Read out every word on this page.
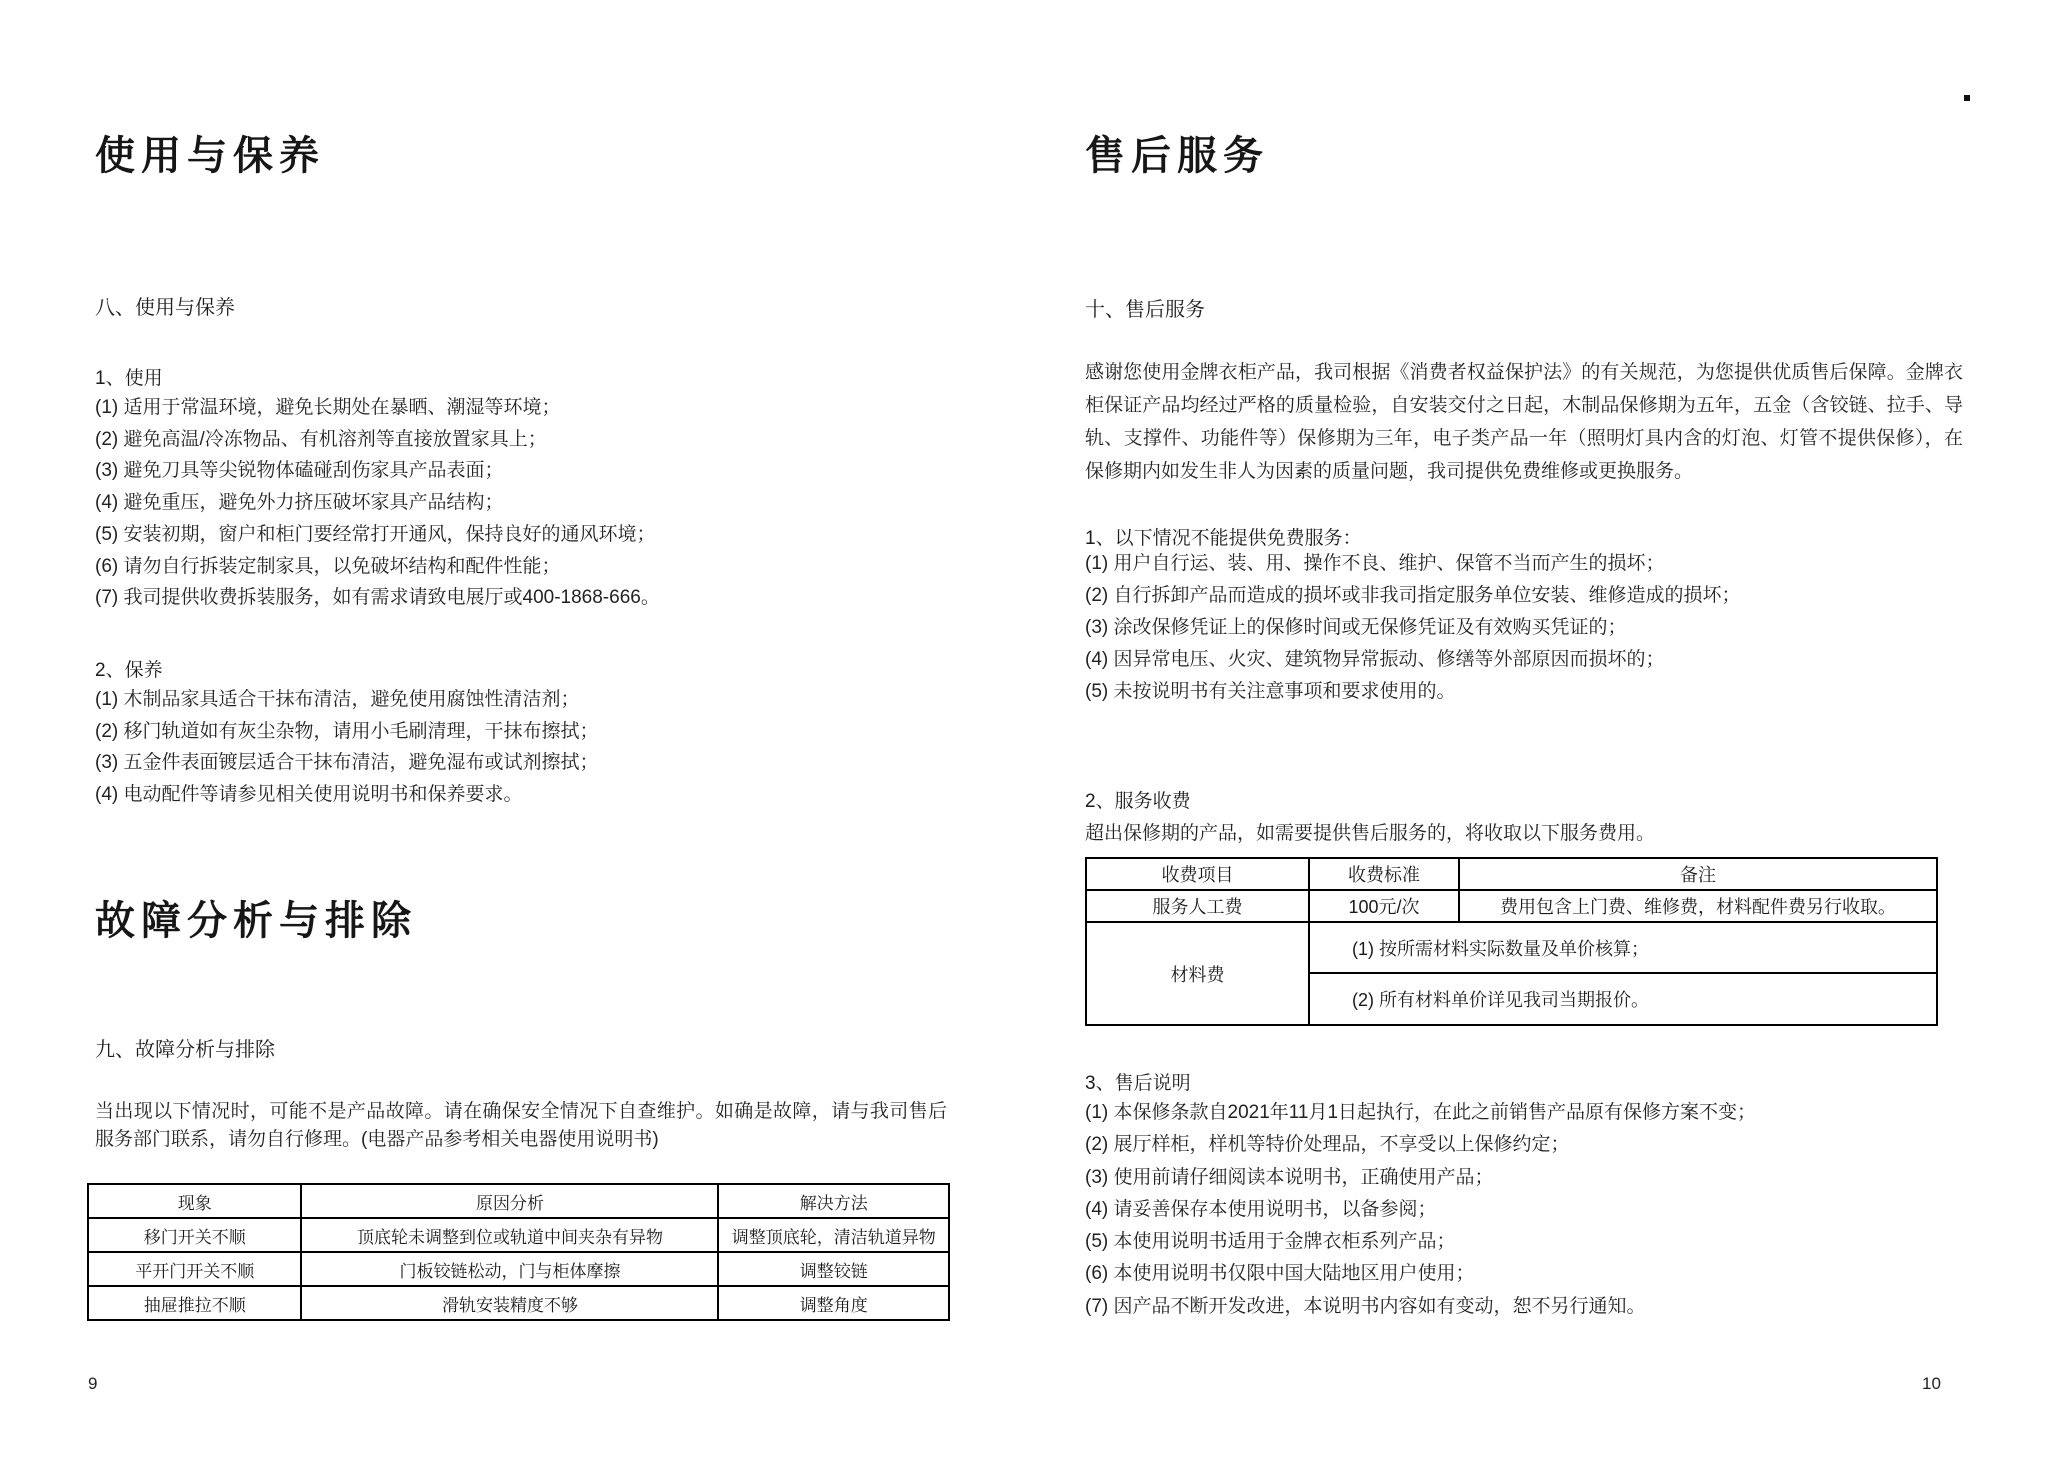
使用与保养
八、使用与保养
1、使用
(1) 适用于常温环境，避免长期处在暴晒、潮湿等环境；
(2) 避免高温/冷冻物品、有机溶剂等直接放置家具上；
(3) 避免刀具等尖锐物体磕碰刮伤家具产品表面；
(4) 避免重压，避免外力挤压破坏家具产品结构；
(5) 安装初期，窗户和柜门要经常打开通风，保持良好的通风环境；
(6) 请勿自行拆装定制家具，以免破坏结构和配件性能；
(7) 我司提供收费拆装服务，如有需求请致电展厅或400-1868-666。
2、保养
(1) 木制品家具适合干抹布清洁，避免使用腐蚀性清洁剂；
(2) 移门轨道如有灰尘杂物，请用小毛刷清理，干抹布擦拭；
(3) 五金件表面镀层适合干抹布清洁，避免湿布或试剂擦拭；
(4) 电动配件等请参见相关使用说明书和保养要求。
故障分析与排除
九、故障分析与排除
当出现以下情况时，可能不是产品故障。请在确保安全情况下自查维护。如确是故障，请与我司售后服务部门联系，请勿自行修理。(电器产品参考相关电器使用说明书)
现象	原因分析	解决方法
移门开关不顺	顶底轮未调整到位或轨道中间夹杂有异物	调整顶底轮，清洁轨道异物
平开门开关不顺	门板铰链松动，门与柜体摩擦	调整铰链
抽屉推拉不顺	滑轨安装精度不够	调整角度
9
售后服务
十、售后服务
感谢您使用金牌衣柜产品，我司根据《消费者权益保护法》的有关规范，为您提供优质售后保障。金牌衣柜保证产品均经过严格的质量检验，自安装交付之日起，木制品保修期为五年，五金（含铰链、拉手、导轨、支撑件、功能件等）保修期为三年，电子类产品一年（照明灯具内含的灯泡、灯管不提供保修），在保修期内如发生非人为因素的质量问题，我司提供免费维修或更换服务。
1、以下情况不能提供免费服务：
(1) 用户自行运、装、用、操作不良、维护、保管不当而产生的损坏；
(2) 自行拆卸产品而造成的损坏或非我司指定服务单位安装、维修造成的损坏；
(3) 涂改保修凭证上的保修时间或无保修凭证及有效购买凭证的；
(4) 因异常电压、火灾、建筑物异常振动、修缮等外部原因而损坏的；
(5) 未按说明书有关注意事项和要求使用的。
2、服务收费
超出保修期的产品，如需要提供售后服务的，将收取以下服务费用。
收费项目	收费标准	备注
服务人工费	100元/次	费用包含上门费、维修费，材料配件费另行收取。
材料费	(1) 按所需材料实际数量及单价核算；	
	(2) 所有材料单价详见我司当期报价。	
3、售后说明
(1) 本保修条款自2021年11月1日起执行，在此之前销售产品原有保修方案不变；
(2) 展厅样柜，样机等特价处理品，不享受以上保修约定；
(3) 使用前请仔细阅读本说明书，正确使用产品；
(4) 请妥善保存本使用说明书，以备参阅；
(5) 本使用说明书适用于金牌衣柜系列产品；
(6) 本使用说明书仅限中国大陆地区用户使用；
(7) 因产品不断开发改进，本说明书内容如有变动，恕不另行通知。
10
